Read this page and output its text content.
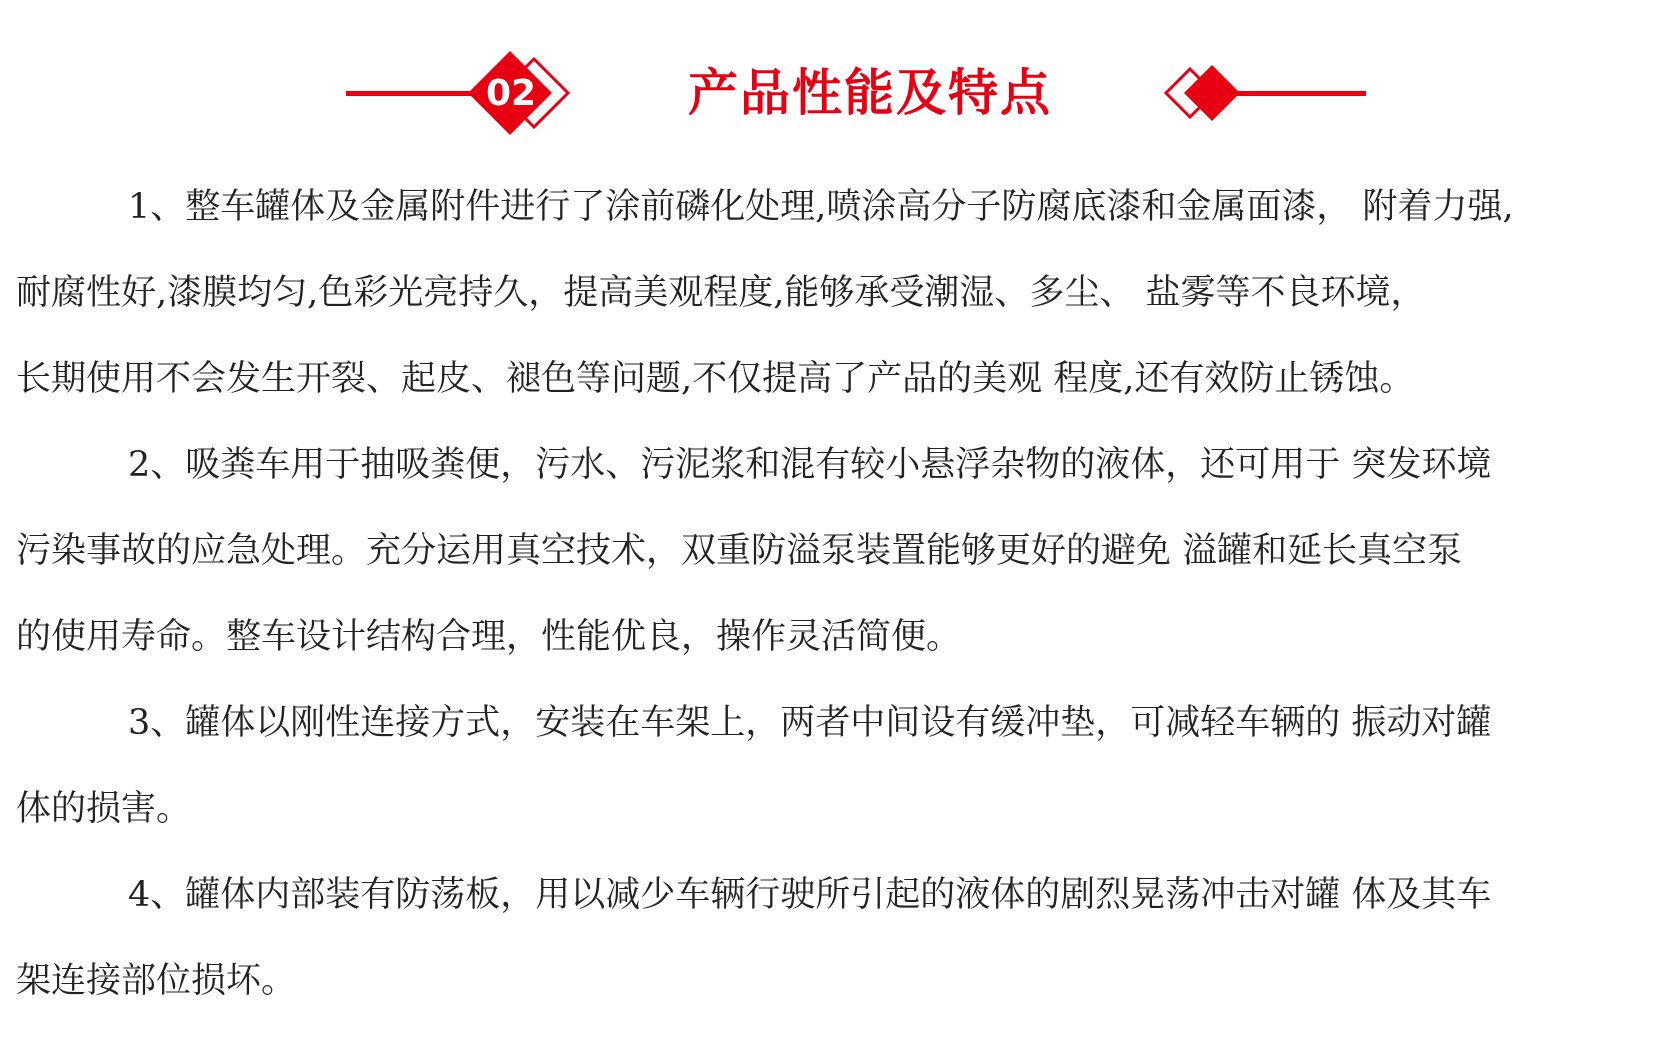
02	产品性能及特点
1、整车罐体及金属附件进行了涂前磷化处理,喷涂高分子防腐底漆和金属面漆， 附着力强,
耐腐性好,漆膜均匀,色彩光亮持久，提高美观程度,能够承受潮湿、多尘、 盐雾等不良环境，
长期使用不会发生开裂、起皮、褪色等问题,不仅提高了产品的美观 程度,还有效防止锈蚀。
2、吸粪车用于抽吸粪便，污水、污泥浆和混有较小悬浮杂物的液体，还可用于 突发环境
污染事故的应急处理。充分运用真空技术，双重防溢泵装置能够更好的避免 溢罐和延长真空泵
的使用寿命。整车设计结构合理，性能优良，操作灵活简便。
3、罐体以刚性连接方式，安装在车架上，两者中间设有缓冲垫，可减轻车辆的 振动对罐
体的损害。
4、罐体内部装有防荡板，用以减少车辆行驶所引起的液体的剧烈晃荡冲击对罐 体及其车
架连接部位损坏。
